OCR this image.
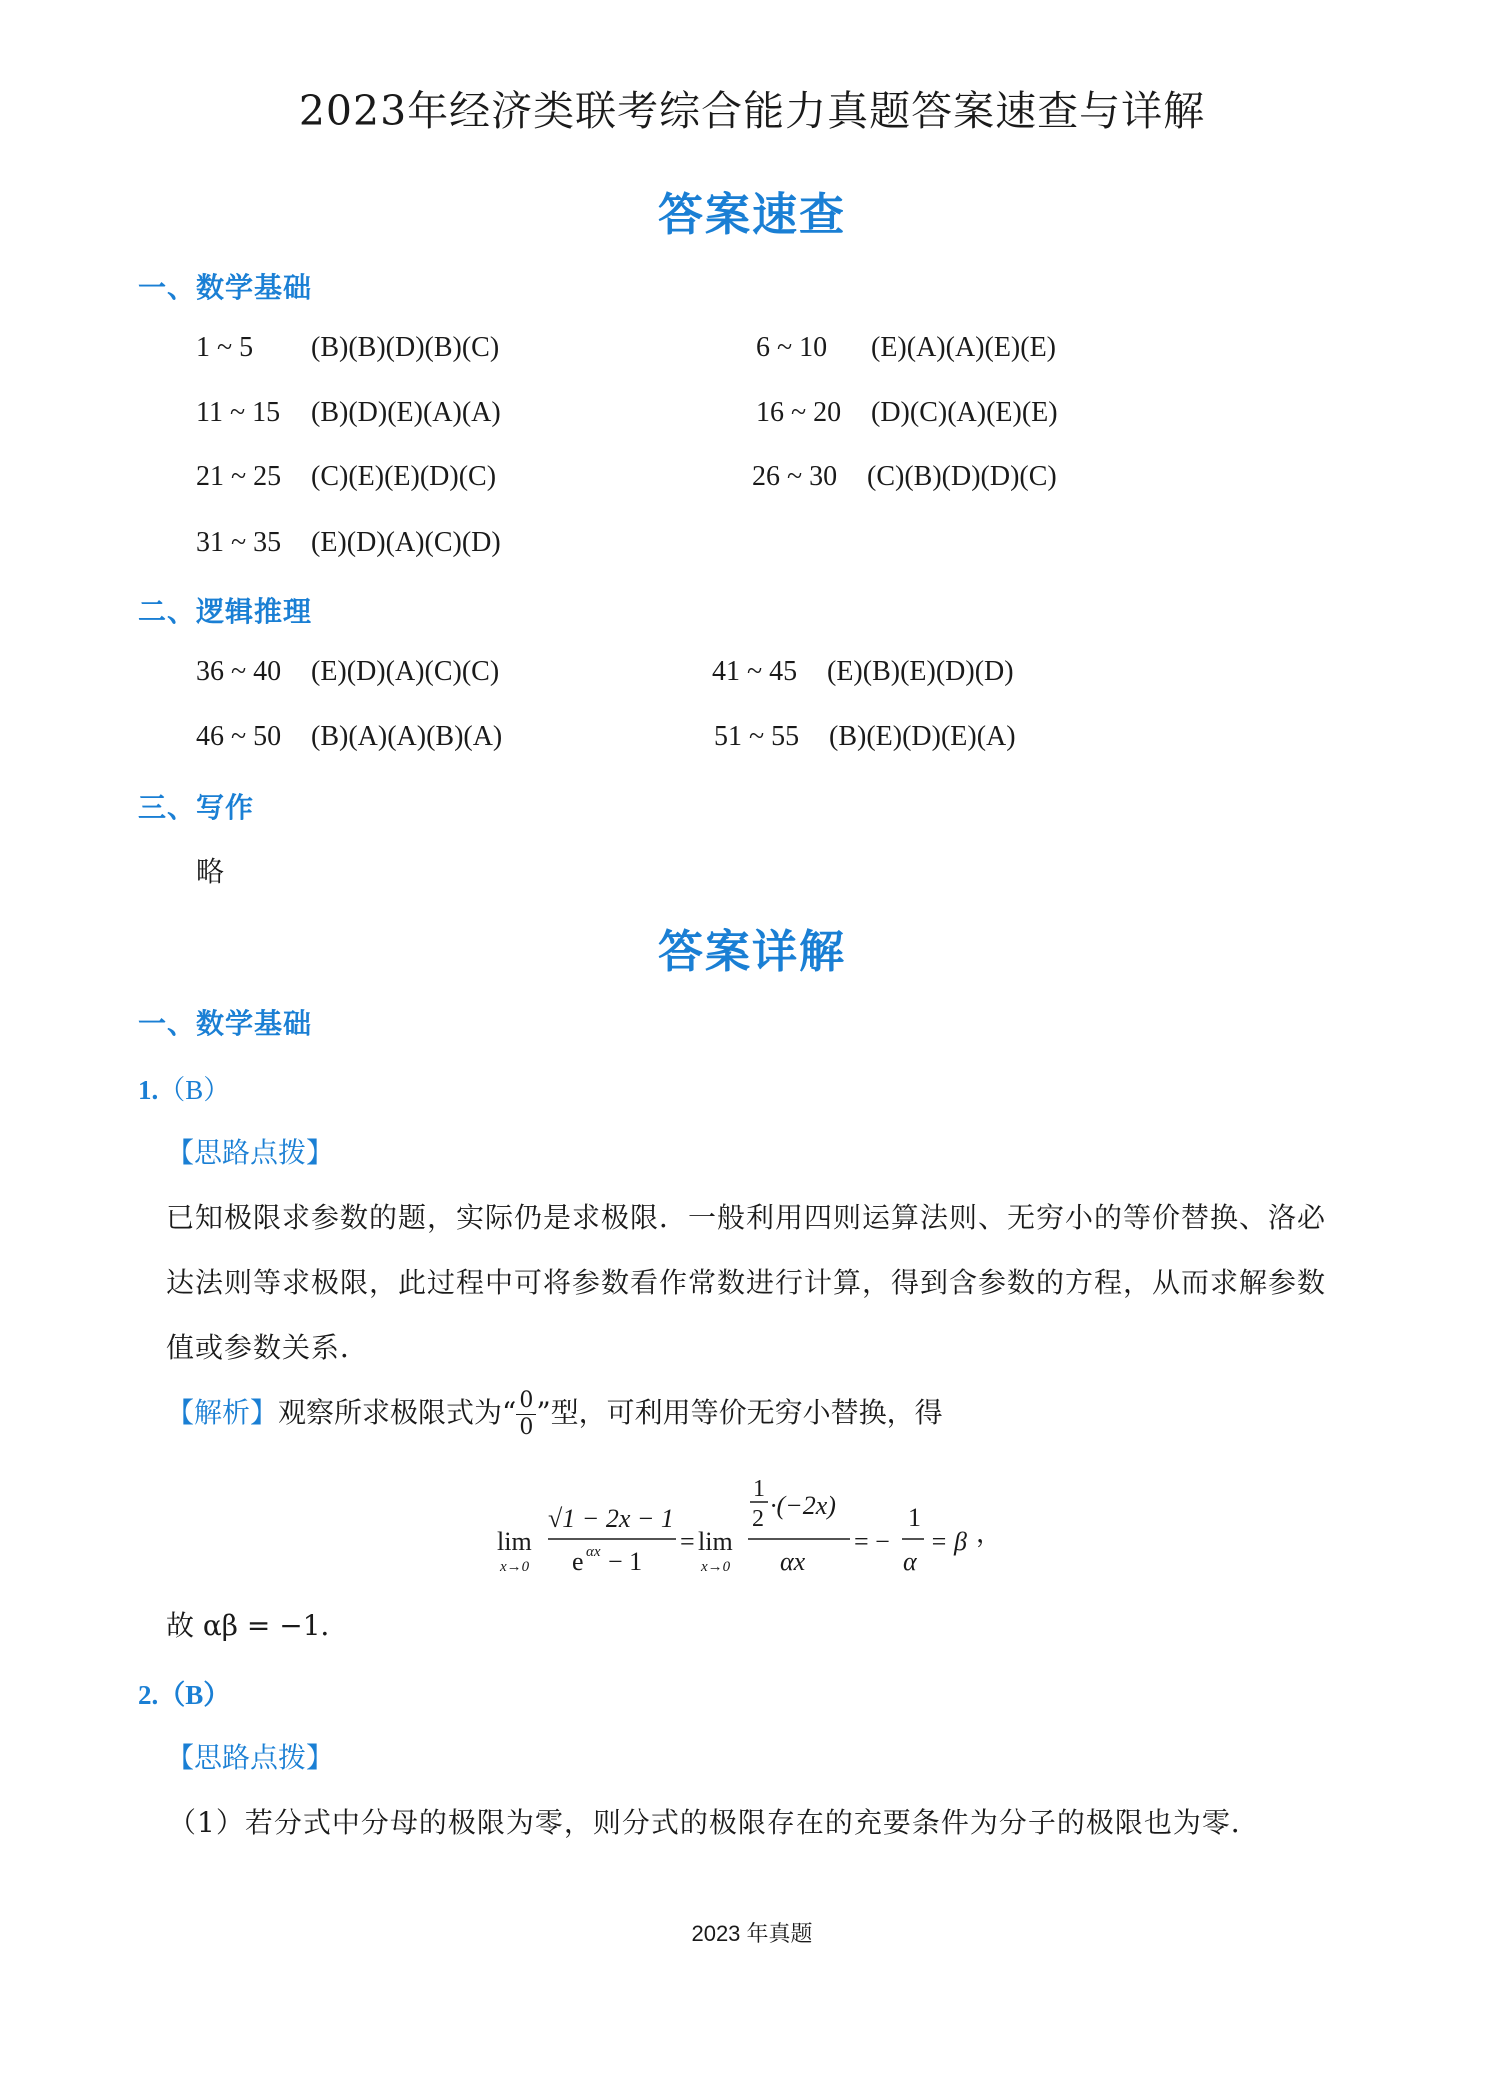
2023年经济类联考综合能力真题答案速查与详解
答案速查
一、数学基础
1 ~ 5 (B)(B)(D)(B)(C)	6 ~ 10 (E)(A)(A)(E)(E)
11 ~ 15 (B)(D)(E)(A)(A)	16 ~ 20 (D)(C)(A)(E)(E)
21 ~ 25 (C)(E)(E)(D)(C)	26 ~ 30 (C)(B)(D)(D)(C)
31 ~ 35 (E)(D)(A)(C)(D)
二、逻辑推理
36 ~ 40 (E)(D)(A)(C)(C)	41 ~ 45 (E)(B)(E)(D)(D)
46 ~ 50 (B)(A)(A)(B)(A)	51 ~ 55 (B)(E)(D)(E)(A)
三、写作
略
答案详解
一、数学基础
1.（B）
【思路点拨】
已知极限求参数的题，实际仍是求极限．一般利用四则运算法则、无穷小的等价替换、洛必
达法则等求极限，此过程中可将参数看作常数进行计算，得到含参数的方程，从而求解参数
值或参数关系．
【解析】观察所求极限式为“ $\frac{0}{0}$ ”型，可利用等价无穷小替换，得
lim
x→0
√1 − 2x − 1
e αx − 1
= lim
x→0
1
2 ·(−2x)
αx
= −
1
α
= β ，
故 αβ = −1．
2.（B）
【思路点拨】
（1）若分式中分母的极限为零，则分式的极限存在的充要条件为分子的极限也为零．
2023 年真题
